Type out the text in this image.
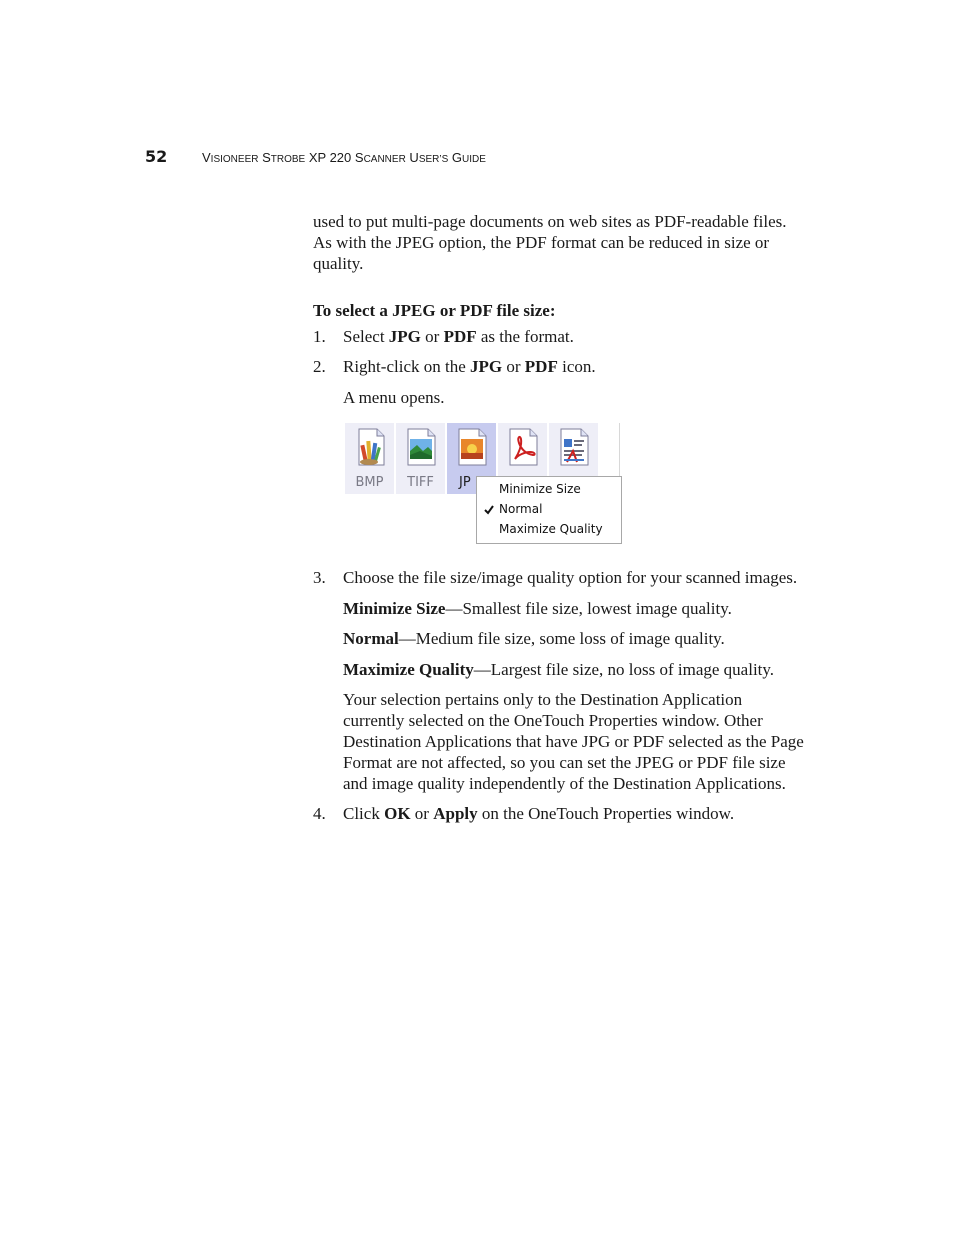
52	VISIONEER STROBE XP 220 SCANNER USER’S GUIDE
used to put multi-page documents on web sites as PDF-readable files.
As with the JPEG option, the PDF format can be reduced in size or
quality.
To select a JPEG or PDF file size:
1. Select JPG or PDF as the format.
2. Right-click on the JPG or PDF icon.
A menu opens.
BMP	TIFF	JP	Minimize Size
Normal
Maximize Quality
3. Choose the file size/image quality option for your scanned images.
Minimize Size—Smallest file size, lowest image quality.
Normal—Medium file size, some loss of image quality.
Maximize Quality—Largest file size, no loss of image quality.
Your selection pertains only to the Destination Application
currently selected on the OneTouch Properties window. Other
Destination Applications that have JPG or PDF selected as the Page
Format are not affected, so you can set the JPEG or PDF file size
and image quality independently of the Destination Applications.
4. Click OK or Apply on the OneTouch Properties window.
